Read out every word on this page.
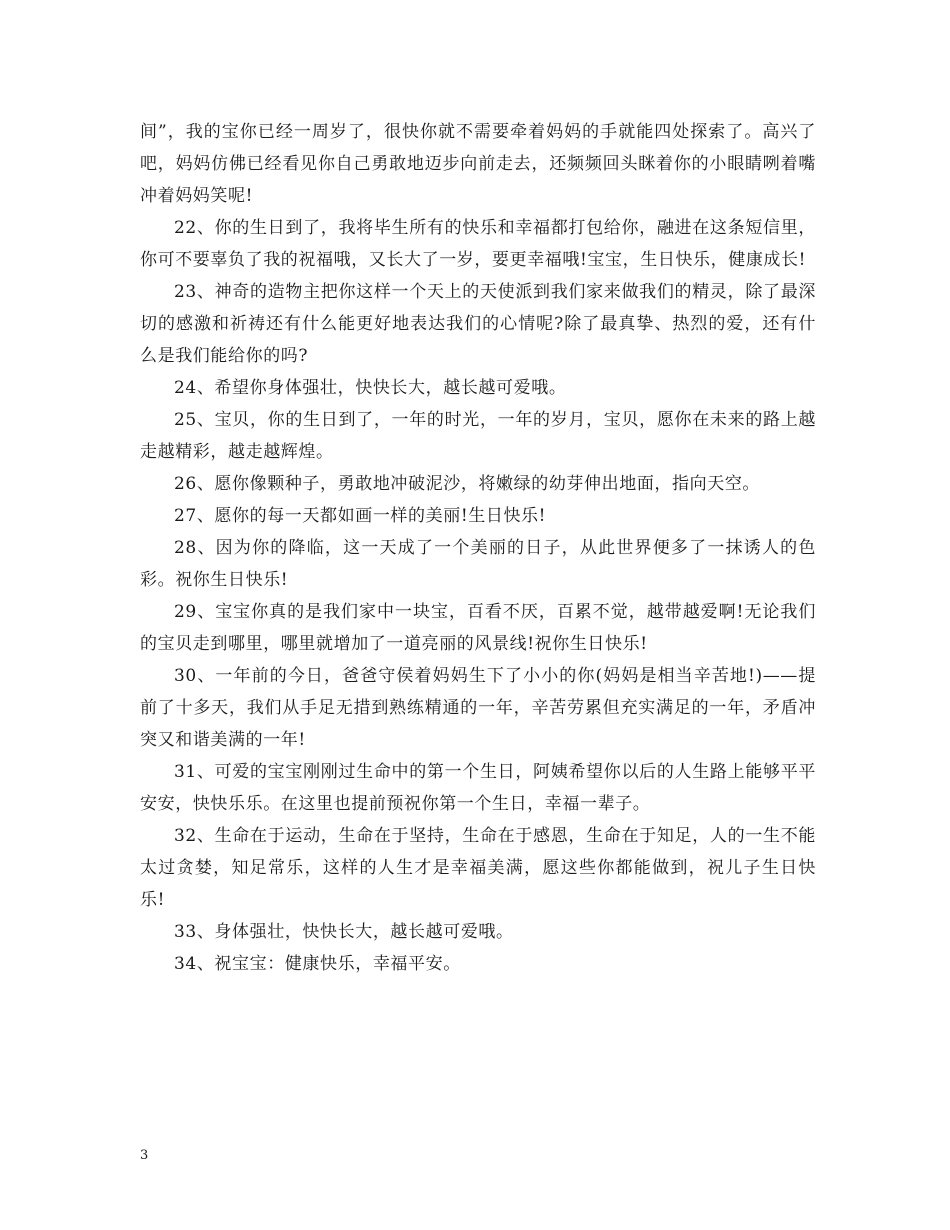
间”，我的宝你已经一周岁了，很快你就不需要牵着妈妈的手就能四处探索了。高兴了吧，妈妈仿佛已经看见你自己勇敢地迈步向前走去，还频频回头眯着你的小眼睛咧着嘴冲着妈妈笑呢!

22、你的生日到了，我将毕生所有的快乐和幸福都打包给你，融进在这条短信里，你可不要辜负了我的祝福哦，又长大了一岁，要更幸福哦!宝宝，生日快乐，健康成长!

23、神奇的造物主把你这样一个天上的天使派到我们家来做我们的精灵，除了最深切的感激和祈祷还有什么能更好地表达我们的心情呢?除了最真挚、热烈的爱，还有什么是我们能给你的吗?

24、希望你身体强壮，快快长大，越长越可爱哦。

25、宝贝，你的生日到了，一年的时光，一年的岁月，宝贝，愿你在未来的路上越走越精彩，越走越辉煌。

26、愿你像颗种子，勇敢地冲破泥沙，将嫩绿的幼芽伸出地面，指向天空。

27、愿你的每一天都如画一样的美丽!生日快乐!

28、因为你的降临，这一天成了一个美丽的日子，从此世界便多了一抹诱人的色彩。祝你生日快乐!

29、宝宝你真的是我们家中一块宝，百看不厌，百累不觉，越带越爱啊!无论我们的宝贝走到哪里，哪里就增加了一道亮丽的风景线!祝你生日快乐!

30、一年前的今日，爸爸守侯着妈妈生下了小小的你(妈妈是相当辛苦地!)——提前了十多天，我们从手足无措到熟练精通的一年，辛苦劳累但充实满足的一年，矛盾冲突又和谐美满的一年!

31、可爱的宝宝刚刚过生命中的第一个生日，阿姨希望你以后的人生路上能够平平安安，快快乐乐。在这里也提前预祝你第一个生日，幸福一辈子。

32、生命在于运动，生命在于坚持，生命在于感恩，生命在于知足，人的一生不能太过贪婪，知足常乐，这样的人生才是幸福美满，愿这些你都能做到，祝儿子生日快乐!

33、身体强壮，快快长大，越长越可爱哦。

34、祝宝宝：健康快乐，幸福平安。

3
